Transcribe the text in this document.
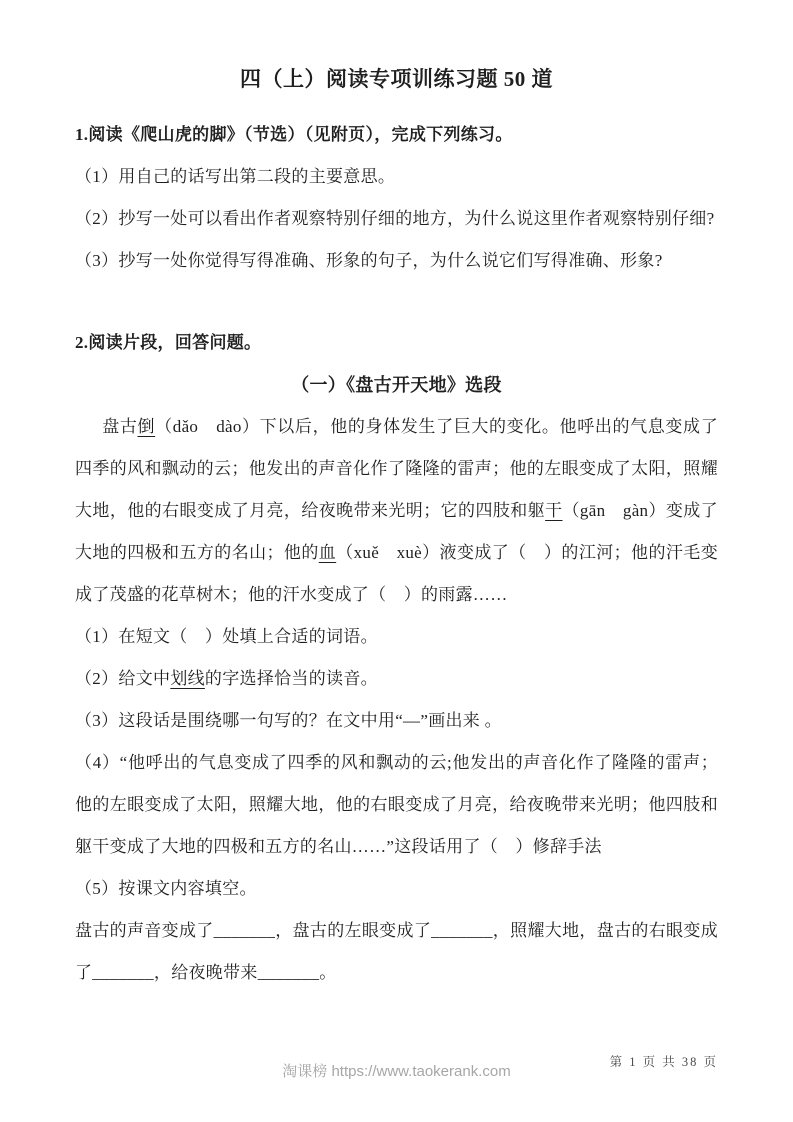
四（上）阅读专项训练习题 50 道

1.阅读《爬山虎的脚》（节选）（见附页），完成下列练习。

（1）用自己的话写出第二段的主要意思。

（2）抄写一处可以看出作者观察特别仔细的地方，为什么说这里作者观察特别仔细?

（3）抄写一处你觉得写得准确、形象的句子，为什么说它们写得准确、形象?

2.阅读片段，回答问题。

（一）《盘古开天地》选段

盘古倒（dǎo　dào）下以后，他的身体发生了巨大的变化。他呼出的气息变成了四季的风和飘动的云；他发出的声音化作了隆隆的雷声；他的左眼变成了太阳，照耀大地，他的右眼变成了月亮，给夜晚带来光明；它的四肢和躯干（gān　gàn）变成了大地的四极和五方的名山；他的血（xuě　xuè）液变成了（　）的江河；他的汗毛变成了茂盛的花草树木；他的汗水变成了（　）的雨露……

（1）在短文（　）处填上合适的词语。

（2）给文中划线的字选择恰当的读音。

（3）这段话是围绕哪一句写的？在文中用“—”画出来 。

（4）“他呼出的气息变成了四季的风和飘动的云;他发出的声音化作了隆隆的雷声；他的左眼变成了太阳，照耀大地，他的右眼变成了月亮，给夜晚带来光明；他四肢和躯干变成了大地的四极和五方的名山……”这段话用了（　）修辞手法

（5）按课文内容填空。

盘古的声音变成了_______，盘古的左眼变成了_______，照耀大地，盘古的右眼变成了_______，给夜晚带来_______。

淘课榜 https://www.taokerank.com
第 1 页 共 38 页
